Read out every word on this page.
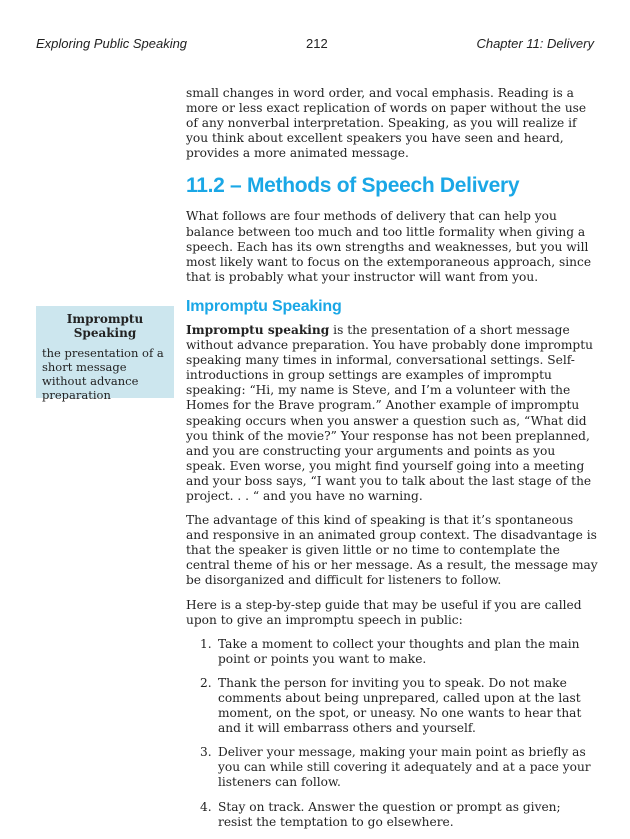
Exploring Public Speaking	212	Chapter 11: Delivery
Impromptu Speaking
the presentation of a short message without advance preparation

small changes in word order, and vocal emphasis. Reading is a more or less exact replication of words on paper without the use of any nonverbal interpretation. Speaking, as you will realize if you think about excellent speakers you have seen and heard, provides a more animated message.

11.2 – Methods of Speech Delivery

What follows are four methods of delivery that can help you balance between too much and too little formality when giving a speech. Each has its own strengths and weaknesses, but you will most likely want to focus on the extemporaneous approach, since that is probably what your instructor will want from you.

Impromptu Speaking

Impromptu speaking is the presentation of a short message without advance preparation. You have probably done impromptu speaking many times in informal, conversational settings. Self-introductions in group settings are examples of impromptu speaking: “Hi, my name is Steve, and I’m a volunteer with the Homes for the Brave program.” Another example of impromptu speaking occurs when you answer a question such as, “What did you think of the movie?” Your response has not been preplanned, and you are constructing your arguments and points as you speak. Even worse, you might find yourself going into a meeting and your boss says, “I want you to talk about the last stage of the project. . . “ and you have no warning.

The advantage of this kind of speaking is that it’s spontaneous and responsive in an animated group context. The disadvantage is that the speaker is given little or no time to contemplate the central theme of his or her message. As a result, the message may be disorganized and difficult for listeners to follow.

Here is a step-by-step guide that may be useful if you are called upon to give an impromptu speech in public:

1. Take a moment to collect your thoughts and plan the main point or points you want to make.
2. Thank the person for inviting you to speak. Do not make comments about being unprepared, called upon at the last moment, on the spot, or uneasy. No one wants to hear that and it will embarrass others and yourself.
3. Deliver your message, making your main point as briefly as you can while still covering it adequately and at a pace your listeners can follow.
4. Stay on track. Answer the question or prompt as given; resist the temptation to go elsewhere.
